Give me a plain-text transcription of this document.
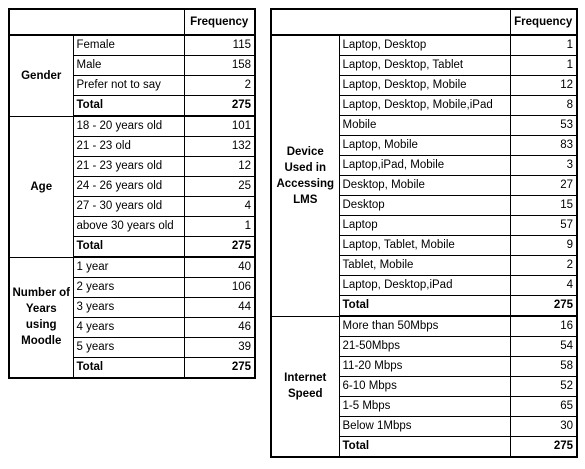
		Frequency
Gender	Female	115
	Male	158
	Prefer not to say	2
	Total	275
Age	18 - 20 years old	101
	21 - 23 old	132
	21 - 23 years old	12
	24 - 26 years old	25
	27 - 30 years old	4
	above 30 years old	1
	Total	275
Number of Years using Moodle	1 year	40
	2 years	106
	3 years	44
	4 years	46
	5 years	39
	Total	275
		Frequency
Device Used in Accessing LMS	Laptop, Desktop	1
	Laptop, Desktop, Tablet	1
	Laptop, Desktop, Mobile	12
	Laptop, Desktop, Mobile,iPad	8
	Mobile	53
	Laptop, Mobile	83
	Laptop,iPad, Mobile	3
	Desktop, Mobile	27
	Desktop	15
	Laptop	57
	Laptop, Tablet, Mobile	9
	Tablet, Mobile	2
	Laptop, Desktop,iPad	4
	Total	275
Internet Speed	More than 50Mbps	16
	21-50Mbps	54
	11-20 Mbps	58
	6-10 Mbps	52
	1-5 Mbps	65
	Below 1Mbps	30
	Total	275
